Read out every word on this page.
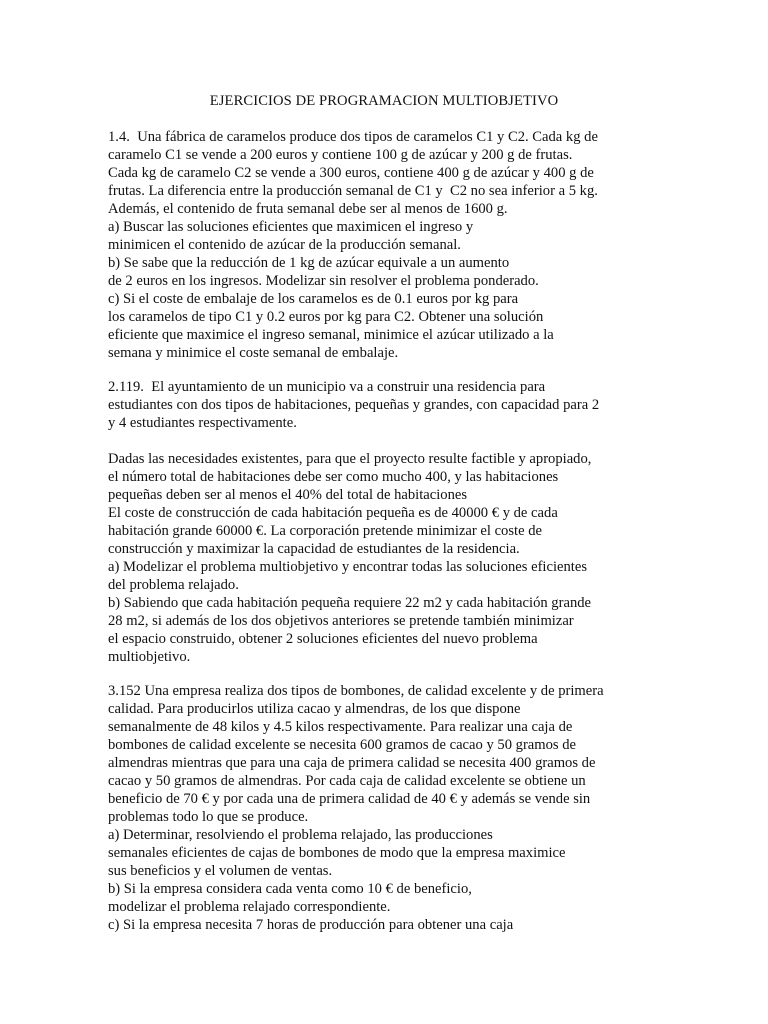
EJERCICIOS DE PROGRAMACION MULTIOBJETIVO
1.4.  Una fábrica de caramelos produce dos tipos de caramelos C1 y C2. Cada kg de
caramelo C1 se vende a 200 euros y contiene 100 g de azúcar y 200 g de frutas.
Cada kg de caramelo C2 se vende a 300 euros, contiene 400 g de azúcar y 400 g de
frutas. La diferencia entre la producción semanal de C1 y  C2 no sea inferior a 5 kg.
Además, el contenido de fruta semanal debe ser al menos de 1600 g.
a) Buscar las soluciones eficientes que maximicen el ingreso y
minimicen el contenido de azúcar de la producción semanal.
b) Se sabe que la reducción de 1 kg de azúcar equivale a un aumento
de 2 euros en los ingresos. Modelizar sin resolver el problema ponderado.
c) Si el coste de embalaje de los caramelos es de 0.1 euros por kg para
los caramelos de tipo C1 y 0.2 euros por kg para C2. Obtener una solución
eficiente que maximice el ingreso semanal, minimice el azúcar utilizado a la
semana y minimice el coste semanal de embalaje.
2.119.  El ayuntamiento de un municipio va a construir una residencia para
estudiantes con dos tipos de habitaciones, pequeñas y grandes, con capacidad para 2
y 4 estudiantes respectivamente.
Dadas las necesidades existentes, para que el proyecto resulte factible y apropiado,
el número total de habitaciones debe ser como mucho 400, y las habitaciones
pequeñas deben ser al menos el 40% del total de habitaciones
El coste de construcción de cada habitación pequeña es de 40000 € y de cada
habitación grande 60000 €. La corporación pretende minimizar el coste de
construcción y maximizar la capacidad de estudiantes de la residencia.
a) Modelizar el problema multiobjetivo y encontrar todas las soluciones eficientes
del problema relajado.
b) Sabiendo que cada habitación pequeña requiere 22 m2 y cada habitación grande
28 m2, si además de los dos objetivos anteriores se pretende también minimizar
el espacio construido, obtener 2 soluciones eficientes del nuevo problema
multiobjetivo.
3.152 Una empresa realiza dos tipos de bombones, de calidad excelente y de primera
calidad. Para producirlos utiliza cacao y almendras, de los que dispone
semanalmente de 48 kilos y 4.5 kilos respectivamente. Para realizar una caja de
bombones de calidad excelente se necesita 600 gramos de cacao y 50 gramos de
almendras mientras que para una caja de primera calidad se necesita 400 gramos de
cacao y 50 gramos de almendras. Por cada caja de calidad excelente se obtiene un
beneficio de 70 € y por cada una de primera calidad de 40 € y además se vende sin
problemas todo lo que se produce.
a) Determinar, resolviendo el problema relajado, las producciones
semanales eficientes de cajas de bombones de modo que la empresa maximice
sus beneficios y el volumen de ventas.
b) Si la empresa considera cada venta como 10 € de beneficio,
modelizar el problema relajado correspondiente.
c) Si la empresa necesita 7 horas de producción para obtener una caja
